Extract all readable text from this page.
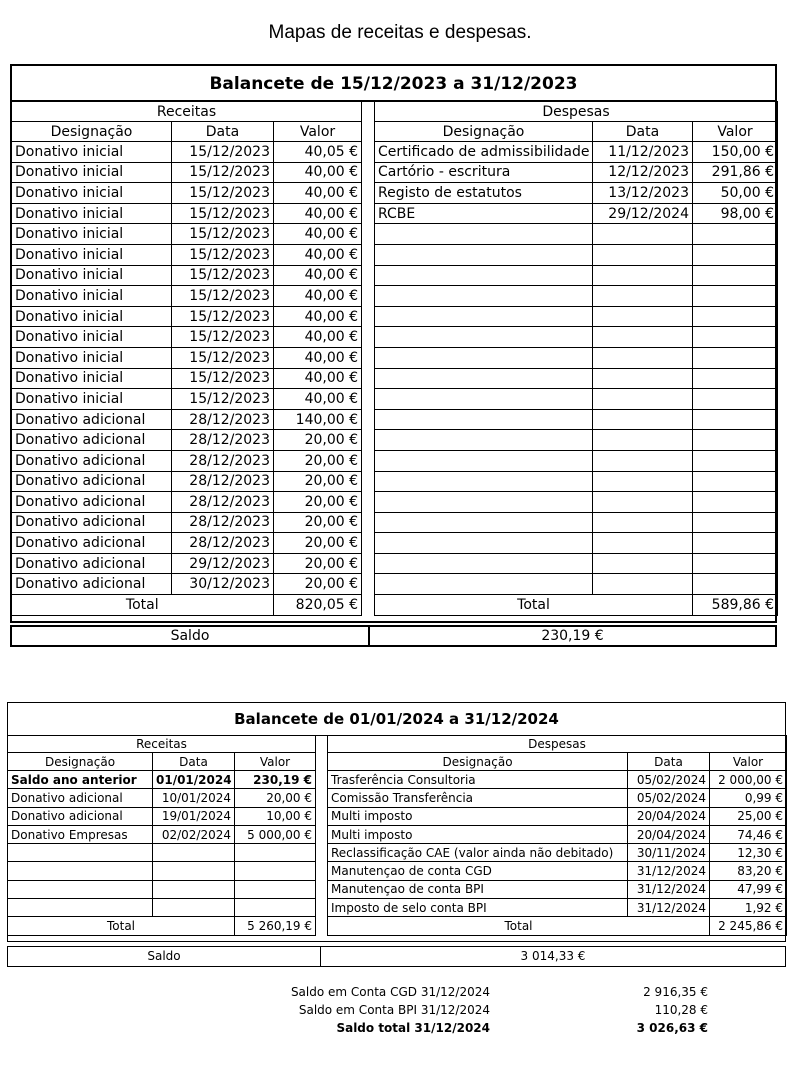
Mapas de receitas e despesas.
Balancete de 15/12/2023 a 31/12/2023
Receitas		
Designação	Data	Valor
Donativo inicial	15/12/2023	40,05 €
Donativo inicial	15/12/2023	40,00 €
Donativo inicial	15/12/2023	40,00 €
Donativo inicial	15/12/2023	40,00 €
Donativo inicial	15/12/2023	40,00 €
Donativo inicial	15/12/2023	40,00 €
Donativo inicial	15/12/2023	40,00 €
Donativo inicial	15/12/2023	40,00 €
Donativo inicial	15/12/2023	40,00 €
Donativo inicial	15/12/2023	40,00 €
Donativo inicial	15/12/2023	40,00 €
Donativo inicial	15/12/2023	40,00 €
Donativo inicial	15/12/2023	40,00 €
Donativo adicional	28/12/2023	140,00 €
Donativo adicional	28/12/2023	20,00 €
Donativo adicional	28/12/2023	20,00 €
Donativo adicional	28/12/2023	20,00 €
Donativo adicional	28/12/2023	20,00 €
Donativo adicional	28/12/2023	20,00 €
Donativo adicional	28/12/2023	20,00 €
Donativo adicional	29/12/2023	20,00 €
Donativo adicional	30/12/2023	20,00 €
Total		820,05 €
Despesas		
Designação	Data	Valor
Certificado de admissibilidade	11/12/2023	150,00 €
Cartório - escritura	12/12/2023	291,86 €
Registo de estatutos	13/12/2023	50,00 €
RCBE	29/12/2024	98,00 €

Total		589,86 €
Saldo	230,19 €
Balancete de 01/01/2024 a 31/12/2024
Receitas		
Designação	Data	Valor
Saldo ano anterior	01/01/2024	230,19 €
Donativo adicional	10/01/2024	20,00 €
Donativo adicional	19/01/2024	10,00 €
Donativo Empresas	02/02/2024	5 000,00 €

Total		5 260,19 €
Despesas		
Designação	Data	Valor
Trasferência Consultoria	05/02/2024	2 000,00 €
Comissão Transferência	05/02/2024	0,99 €
Multi imposto	20/04/2024	25,00 €
Multi imposto	20/04/2024	74,46 €
Reclassificação CAE (valor ainda não debitado)	30/11/2024	12,30 €
Manutençao de conta CGD	31/12/2024	83,20 €
Manutençao de conta BPI	31/12/2024	47,99 €
Imposto de selo conta BPI	31/12/2024	1,92 €
Total		2 245,86 €
Saldo	3 014,33 €
Saldo em Conta CGD 31/12/2024	2 916,35 €
Saldo em Conta BPI 31/12/2024	110,28 €
Saldo total 31/12/2024	3 026,63 €
